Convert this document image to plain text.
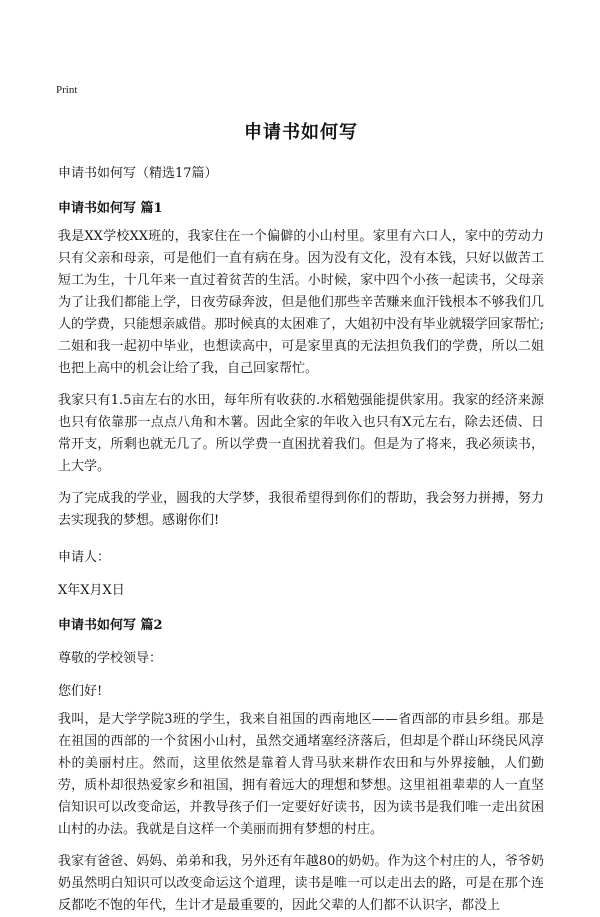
Print
申请书如何写
申请书如何写（精选17篇）
申请书如何写 篇1

我是XX学校XX班的，我家住在一个偏僻的小山村里。家里有六口人，家中的劳动力只有父亲和母亲，可是他们一直有病在身。因为没有文化，没有本钱，只好以做苦工短工为生，十几年来一直过着贫苦的生活。小时候，家中四个小孩一起读书，父母亲为了让我们都能上学，日夜劳碌奔波，但是他们那些辛苦赚来血汗钱根本不够我们几人的学费，只能想亲戚借。那时候真的太困难了，大姐初中没有毕业就辍学回家帮忙;二姐和我一起初中毕业，也想读高中，可是家里真的无法担负我们的学费，所以二姐也把上高中的机会让给了我，自己回家帮忙。

我家只有1.5亩左右的水田，每年所有收获的.水稻勉强能提供家用。我家的经济来源也只有依靠那一点点八角和木薯。因此全家的年收入也只有X元左右，除去还债、日常开支，所剩也就无几了。所以学费一直困扰着我们。但是为了将来，我必须读书，上大学。

为了完成我的学业，圆我的大学梦，我很希望得到你们的帮助，我会努力拼搏，努力去实现我的梦想。感谢你们!

申请人：
X年X月X日
申请书如何写 篇2
尊敬的学校领导：
您们好!

我叫，是大学学院3班的学生，我来自祖国的西南地区——省西部的市县乡组。那是在祖国的西部的一个贫困小山村，虽然交通堵塞经济落后，但却是个群山环绕民风淳朴的美丽村庄。然而，这里依然是靠着人背马驮来耕作农田和与外界接触，人们勤劳，质朴却很热爱家乡和祖国，拥有着远大的理想和梦想。这里祖祖辈辈的人一直坚信知识可以改变命运，并教导孩子们一定要好好读书，因为读书是我们唯一走出贫困山村的办法。我就是自这样一个美丽而拥有梦想的村庄。

我家有爸爸、妈妈、弟弟和我，另外还有年越80的奶奶。作为这个村庄的人，爷爷奶奶虽然明白知识可以改变命运这个道理，读书是唯一可以走出去的路，可是在那个连反都吃不饱的年代，生计才是最重要的，因此父辈的人们都不认识字，都没上
